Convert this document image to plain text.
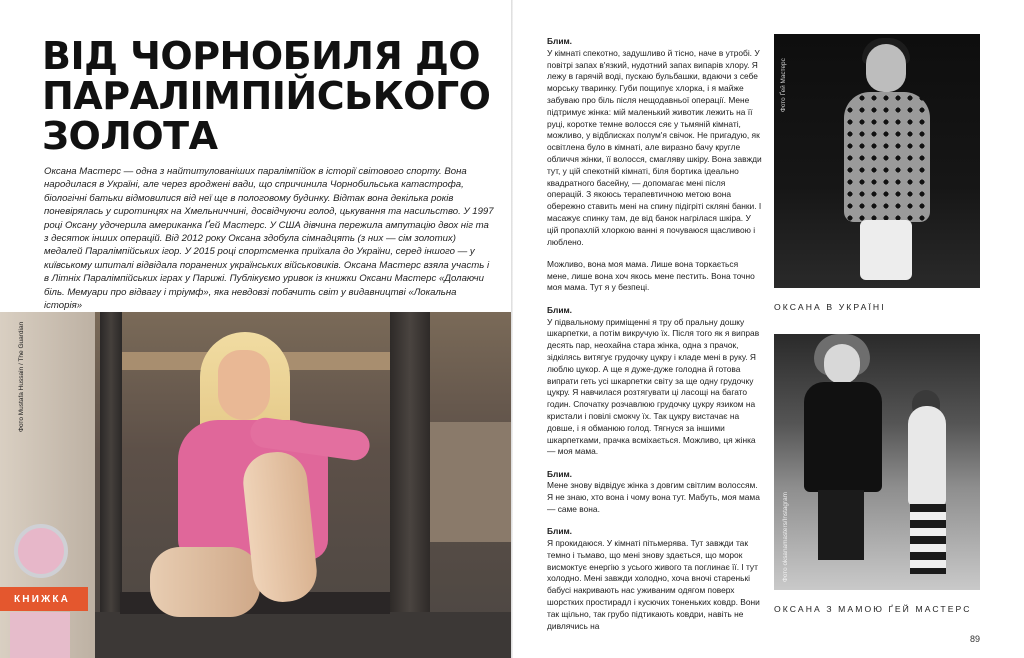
ВІД ЧОРНОБИЛЯ ДО ПАРАЛІМПІЙСЬКОГО ЗОЛОТА

Оксана Мастерс — одна з найтитулованіших паралімпійок в історії світового спорту. Вона народилася в Україні, але через вроджені вади, що спричинила Чорнобильська катастрофа, біологічні батьки відмовилися від неї ще в пологовому будинку. Відтак вона декілька років поневірялась у сиротинцях на Хмельниччині, досвідчуючи голод, цькування та насильство. У 1997 році Оксану удочерила американка Ґей Мастерс. У США дівчина пережила ампутацію двох ніг та з десяток інших операцій. Від 2012 року Оксана здобула сімнадцять (з них — сім золотих) медалей Паралімпійських ігор. У 2015 році спортсменка приїхала до України, серед іншого — у київському шпиталі відвідала поранених українських військовиків. Оксана Мастерс взяла участь і в Літніх Паралімпійських іграх у Парижі. Публікуємо уривок із книжки Оксани Мастерс «Долаючи біль. Мемуари про відвагу і тріумф», яка невдовзі побачить світ у видавництві «Локальна історія»

Фото Mustafa Hussain / The Guardian
КНИЖКА

Блим.
У кімнаті спекотно, задушливо й тісно, наче в утробі. У повітрі запах в'язкий, нудотний запах випарів хлору. Я лежу в гарячій воді, пускаю бульбашки, вдаючи з себе морську тваринку. Губи пощипує хлорка, і я майже забуваю про біль після нещодавньої операції. Мене підтримує жінка: мій маленький животик лежить на її руці, коротке темне волосся сяє у тьмяній кімнаті, можливо, у відблисках полум'я свічок. Не пригадую, як освітлена було в кімнаті, але виразно бачу кругле обличчя жінки, її волосся, смагляву шкіру. Вона завжди тут, у цій спекотній кімнаті, біля бортика ідеально квадратного басейну, — допомагає мені після операцій. З якоюсь терапевтичною метою вона обережно ставить мені на спину підігріті скляні банки. І масажує спинку там, де від банок нагрілася шкіра. У цій пропахлій хлоркою ванні я почуваюся щасливою і люблено.

Можливо, вона моя мама. Лише вона торкається мене, лише вона хоч якось мене пестить. Вона точно моя мама. Тут я у безпеці.

Блим.
У підвальному приміщенні я тру об пральну дошку шкарпетки, а потім викручую їх. Після того як я виправ десять пар, неохайна стара жінка, одна з прачок, зідкілясь витягує грудочку цукру і кладе мені в руку. Я люблю цукор. А ще я дуже-дуже голодна й готова випрати геть усі шкарпетки світу за ще одну грудочку цукру. Я навчилася розтягувати ці ласощі на багато годин. Спочатку розчавлюю грудочку цукру язиком на кристали і повілі смокчу їх. Так цукру вистачає на довше, і я обманюю голод. Тягнуся за іншими шкарпетками, прачка всміхається. Можливо, ця жінка — моя мама.

Блим.
Мене знову відвідує жінка з довгим світлим волоссям. Я не знаю, хто вона і чому вона тут. Мабуть, моя мама — саме вона.

Блим.
Я прокидаюся. У кімнаті пітьмерява. Тут завжди так темно і тьмаво, що мені знову здається, що морок висмоктує енергію з усього живого та поглинає її. І тут холодно. Мені завжди холодно, хоча вночі старенькі бабусі накривають нас уживаним одягом поверх шорстких простирадл і кусючих тоненьких ковдр. Вони так щільно, так грубо підтикають ковдри, навіть не дивлячись на

Фото Ґей Мастерс
ОКСАНА В УКРАЇНІ
Фото oksanamasters/Instagram
ОКСАНА З МАМОЮ ҐЕЙ МАСТЕРС
89
